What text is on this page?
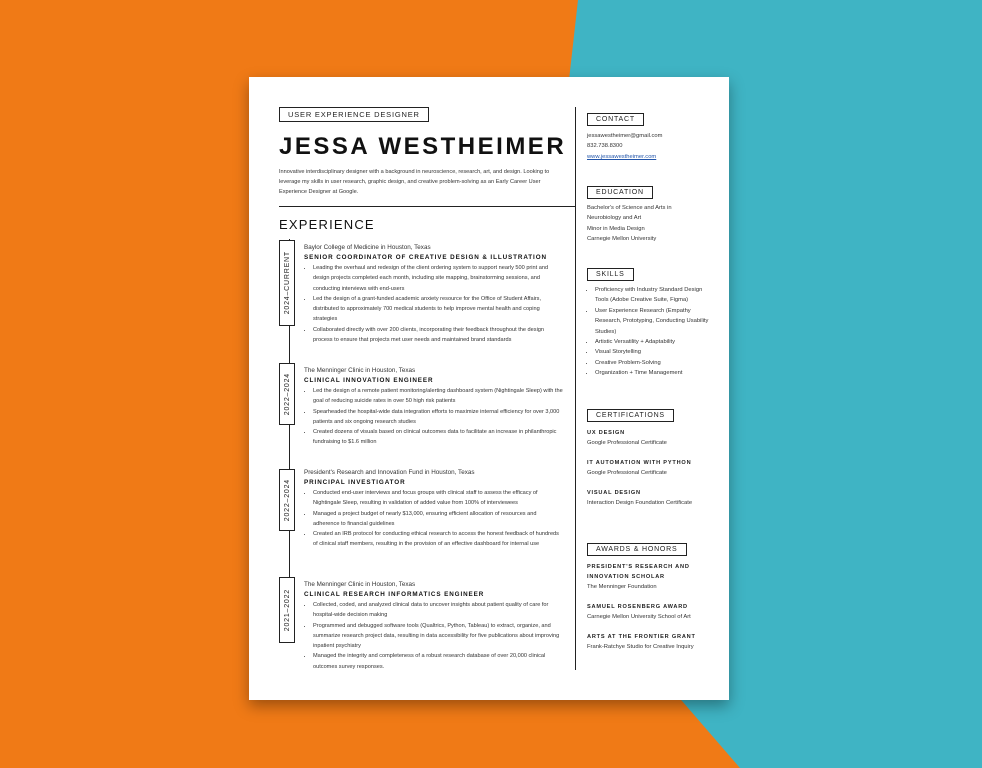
USER EXPERIENCE DESIGNER
JESSA WESTHEIMER
Innovative interdisciplinary designer with a background in neuroscience, research, art, and design. Looking to leverage my skills in user research, graphic design, and creative problem-solving as an Early Career User Experience Designer at Google.
EXPERIENCE
2024–CURRENT
2022–2024
2022–2024
2021–2022
Baylor College of Medicine in Houston, Texas
SENIOR COORDINATOR OF CREATIVE DESIGN & ILLUSTRATION
• Leading the overhaul and redesign of the client ordering system to support nearly 500 print and design projects completed each month, including site mapping, brainstorming sessions, and conducting interviews with end-users
• Led the design of a grant-funded academic anxiety resource for the Office of Student Affairs, distributed to approximately 700 medical students to help improve mental health and coping strategies
• Collaborated directly with over 200 clients, incorporating their feedback throughout the design process to ensure that projects met user needs and maintained brand standards
The Menninger Clinic in Houston, Texas
CLINICAL INNOVATION ENGINEER
• Led the design of a remote patient monitoring/alerting dashboard system (Nightingale Sleep) with the goal of reducing suicide rates in over 50 high risk patients
• Spearheaded the hospital-wide data integration efforts to maximize internal efficiency for over 3,000 patients and six ongoing research studies
• Created dozens of visuals based on clinical outcomes data to facilitate an increase in philanthropic fundraising to $1.6 million
President's Research and Innovation Fund in Houston, Texas
PRINCIPAL INVESTIGATOR
• Conducted end-user interviews and focus groups with clinical staff to assess the efficacy of Nightingale Sleep, resulting in validation of added value from 100% of interviewees
• Managed a project budget of nearly $13,000, ensuring efficient allocation of resources and adherence to financial guidelines
• Created an IRB protocol for conducting ethical research to access the honest feedback of hundreds of clinical staff members, resulting in the provision of an effective dashboard for internal use
The Menninger Clinic in Houston, Texas
CLINICAL RESEARCH INFORMATICS ENGINEER
• Collected, coded, and analyzed clinical data to uncover insights about patient quality of care for hospital-wide decision making
• Programmed and debugged software tools (Qualtrics, Python, Tableau) to extract, organize, and summarize research project data, resulting in data accessibility for five publications about improving inpatient psychiatry
• Managed the integrity and completeness of a robust research database of over 20,000 clinical outcomes survey responses.
CONTACT
jessawestheimer@gmail.com
832.738.8300
www.jessawestheimer.com
EDUCATION
Bachelor's of Science and Arts in
Neurobiology and Art
Minor in Media Design
Carnegie Mellon University
SKILLS
• Proficiency with Industry Standard Design Tools (Adobe Creative Suite, Figma)
• User Experience Research (Empathy Research, Prototyping, Conducting Usability Studies)
• Artistic Versatility + Adaptability
• Visual Storytelling
• Creative Problem-Solving
• Organization + Time Management
CERTIFICATIONS
UX DESIGN
Google Professional Certificate
IT AUTOMATION WITH PYTHON
Google Professional Certificate
VISUAL DESIGN
Interaction Design Foundation Certificate
AWARDS & HONORS
PRESIDENT'S RESEARCH AND INNOVATION SCHOLAR
The Menninger Foundation
SAMUEL ROSENBERG AWARD
Carnegie Mellon University School of Art
ARTS AT THE FRONTIER GRANT
Frank-Ratchye Studio for Creative Inquiry
